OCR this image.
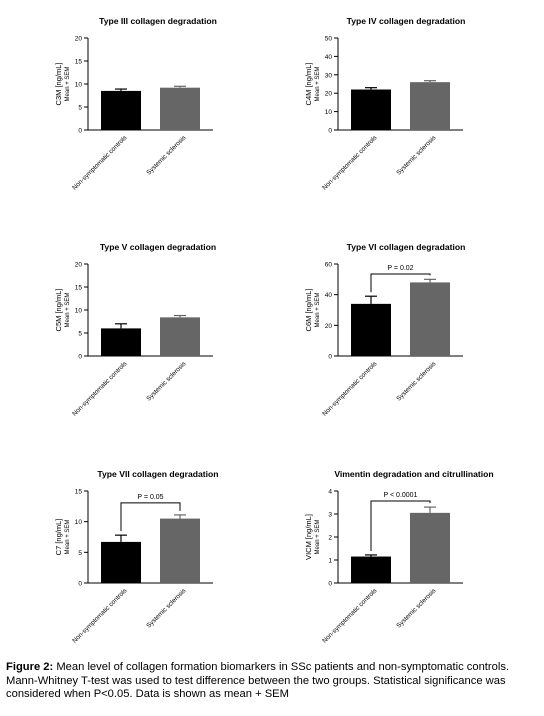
Type III collagen degradation
0
5
10
15
20
C3M [ng/mL] Mean + SEM
Non-symptomatic controls	Systemic sclerosis
Type IV collagen degradation
0
10
20
30
40
50
C4M [ng/mL] Mean + SEM
Non-symptomatic controls	Systemic sclerosis
Type V collagen degradation
0
5
10
15
20
C5M [ng/mL] Mean + SEM
Non-symptomatic controls	Systemic sclerosis
Type VI collagen degradation
0
20
40
60
C6M [ng/mL] Mean + SEM
Non-symptomatic controls	Systemic sclerosis
P = 0.02
Type VII collagen degradation
0
5
10
15
C7 [ng/mL] Mean + SEM
Non-symptomatic controls	Systemic sclerosis
P = 0.05
Vimentin degradation and citrullination
0
1
2
3
4
VICM [ng/mL] Mean + SEM
Non-symptomatic controls	Systemic sclerosis
P < 0.0001
Figure 2: Mean level of collagen formation biomarkers in SSc patients and non-symptomatic controls. Mann-Whitney T-test was used to test difference between the two groups. Statistical significance was considered when P<0.05. Data is shown as mean + SEM
